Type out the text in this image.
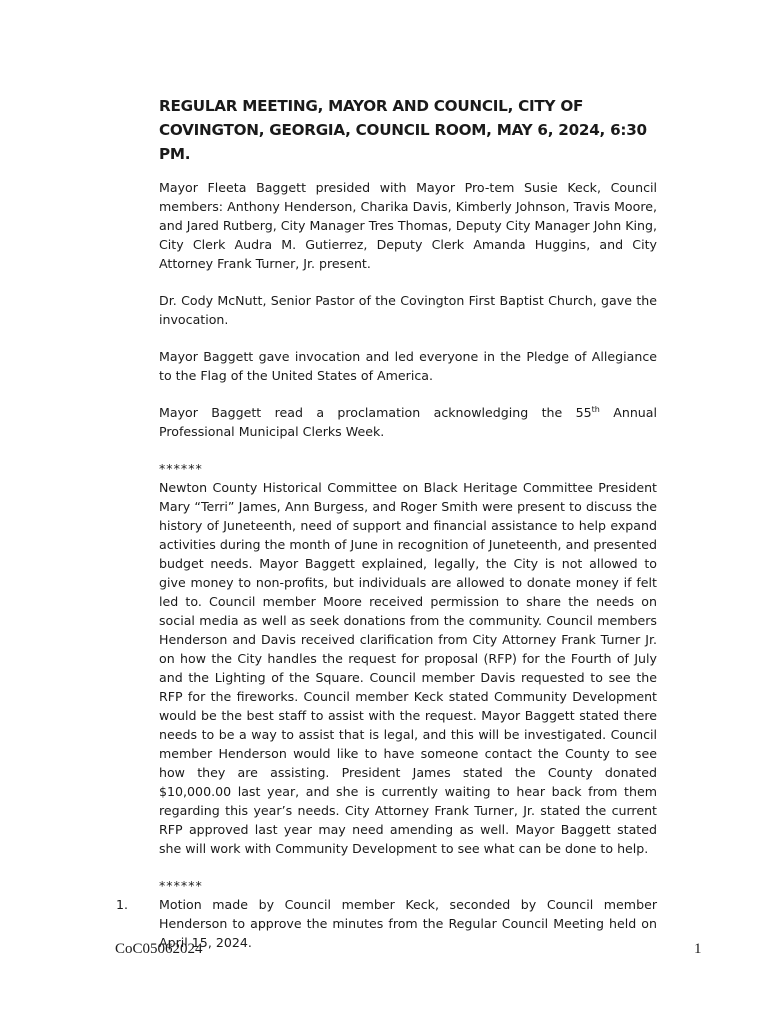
REGULAR MEETING, MAYOR AND COUNCIL, CITY OF COVINGTON, GEORGIA, COUNCIL ROOM, MAY 6, 2024, 6:30 PM.

Mayor Fleeta Baggett presided with Mayor Pro-tem Susie Keck, Council members: Anthony Henderson, Charika Davis, Kimberly Johnson, Travis Moore, and Jared Rutberg, City Manager Tres Thomas, Deputy City Manager John King, City Clerk Audra M. Gutierrez, Deputy Clerk Amanda Huggins, and City Attorney Frank Turner, Jr. present.

Dr. Cody McNutt, Senior Pastor of the Covington First Baptist Church, gave the invocation.

Mayor Baggett gave invocation and led everyone in the Pledge of Allegiance to the Flag of the United States of America.

Mayor Baggett read a proclamation acknowledging the 55th Annual Professional Municipal Clerks Week.

******

Newton County Historical Committee on Black Heritage Committee President Mary “Terri” James, Ann Burgess, and Roger Smith were present to discuss the history of Juneteenth, need of support and financial assistance to help expand activities during the month of June in recognition of Juneteenth, and presented budget needs. Mayor Baggett explained, legally, the City is not allowed to give money to non-profits, but individuals are allowed to donate money if felt led to. Council member Moore received permission to share the needs on social media as well as seek donations from the community. Council members Henderson and Davis received clarification from City Attorney Frank Turner Jr. on how the City handles the request for proposal (RFP) for the Fourth of July and the Lighting of the Square. Council member Davis requested to see the RFP for the fireworks. Council member Keck stated Community Development would be the best staff to assist with the request. Mayor Baggett stated there needs to be a way to assist that is legal, and this will be investigated. Council member Henderson would like to have someone contact the County to see how they are assisting. President James stated the County donated $10,000.00 last year, and she is currently waiting to hear back from them regarding this year’s needs. City Attorney Frank Turner, Jr. stated the current RFP approved last year may need amending as well. Mayor Baggett stated she will work with Community Development to see what can be done to help.

******

1. Motion made by Council member Keck, seconded by Council member Henderson to approve the minutes from the Regular Council Meeting held on April 15, 2024.

CoC05062024	1
